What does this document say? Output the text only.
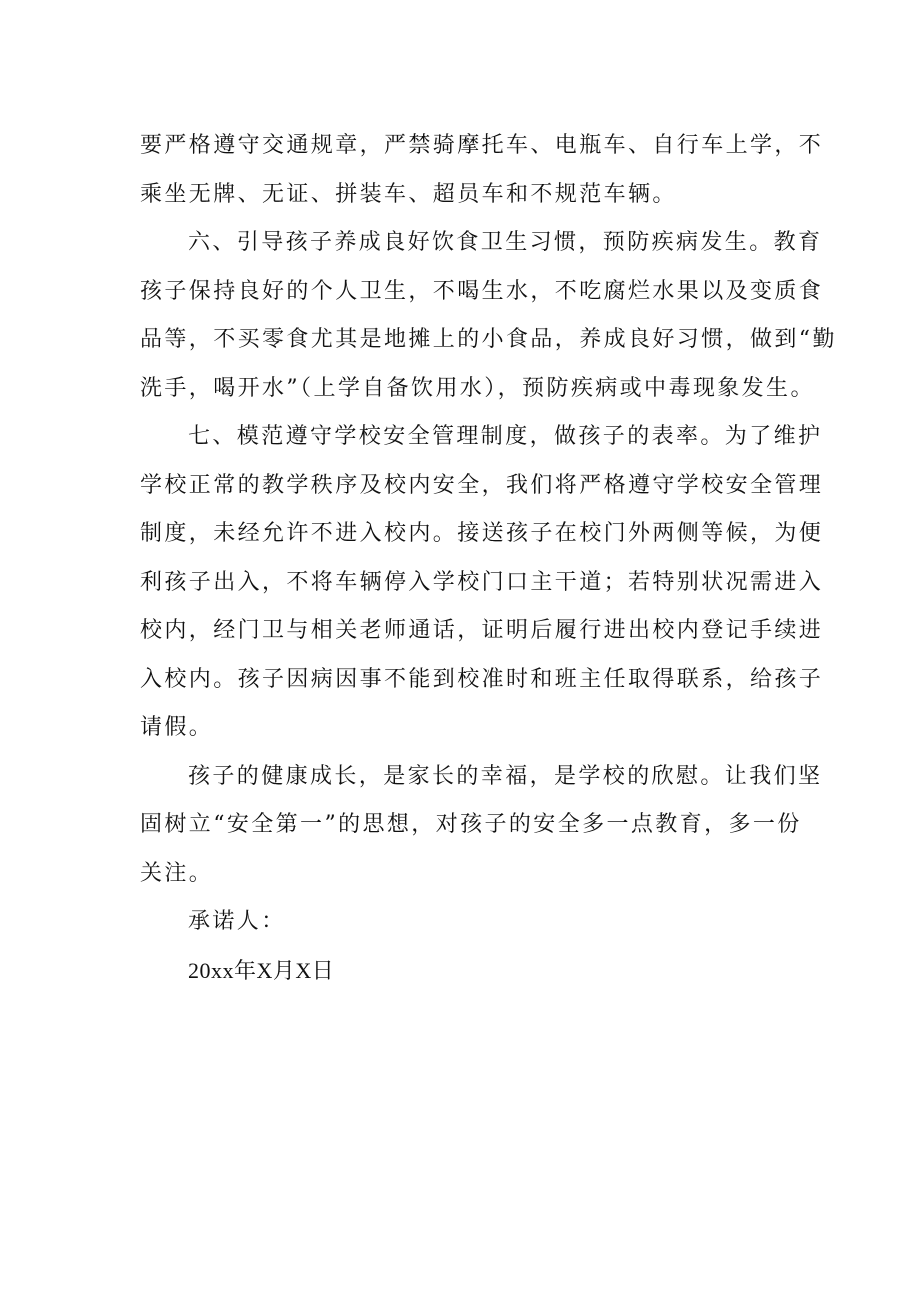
要严格遵守交通规章，严禁骑摩托车、电瓶车、自行车上学，不
乘坐无牌、无证、拼装车、超员车和不规范车辆。
六、引导孩子养成良好饮食卫生习惯，预防疾病发生。教育
孩子保持良好的个人卫生，不喝生水，不吃腐烂水果以及变质食
品等，不买零食尤其是地摊上的小食品，养成良好习惯，做到“勤
洗手，喝开水”（上学自备饮用水），预防疾病或中毒现象发生。
七、模范遵守学校安全管理制度，做孩子的表率。为了维护
学校正常的教学秩序及校内安全，我们将严格遵守学校安全管理
制度，未经允许不进入校内。接送孩子在校门外两侧等候，为便
利孩子出入，不将车辆停入学校门口主干道；若特别状况需进入
校内，经门卫与相关老师通话，证明后履行进出校内登记手续进
入校内。孩子因病因事不能到校准时和班主任取得联系，给孩子
请假。
孩子的健康成长，是家长的幸福，是学校的欣慰。让我们坚
固树立“安全第一”的思想，对孩子的安全多一点教育，多一份
关注。
承诺人：
20xx年X月X日
